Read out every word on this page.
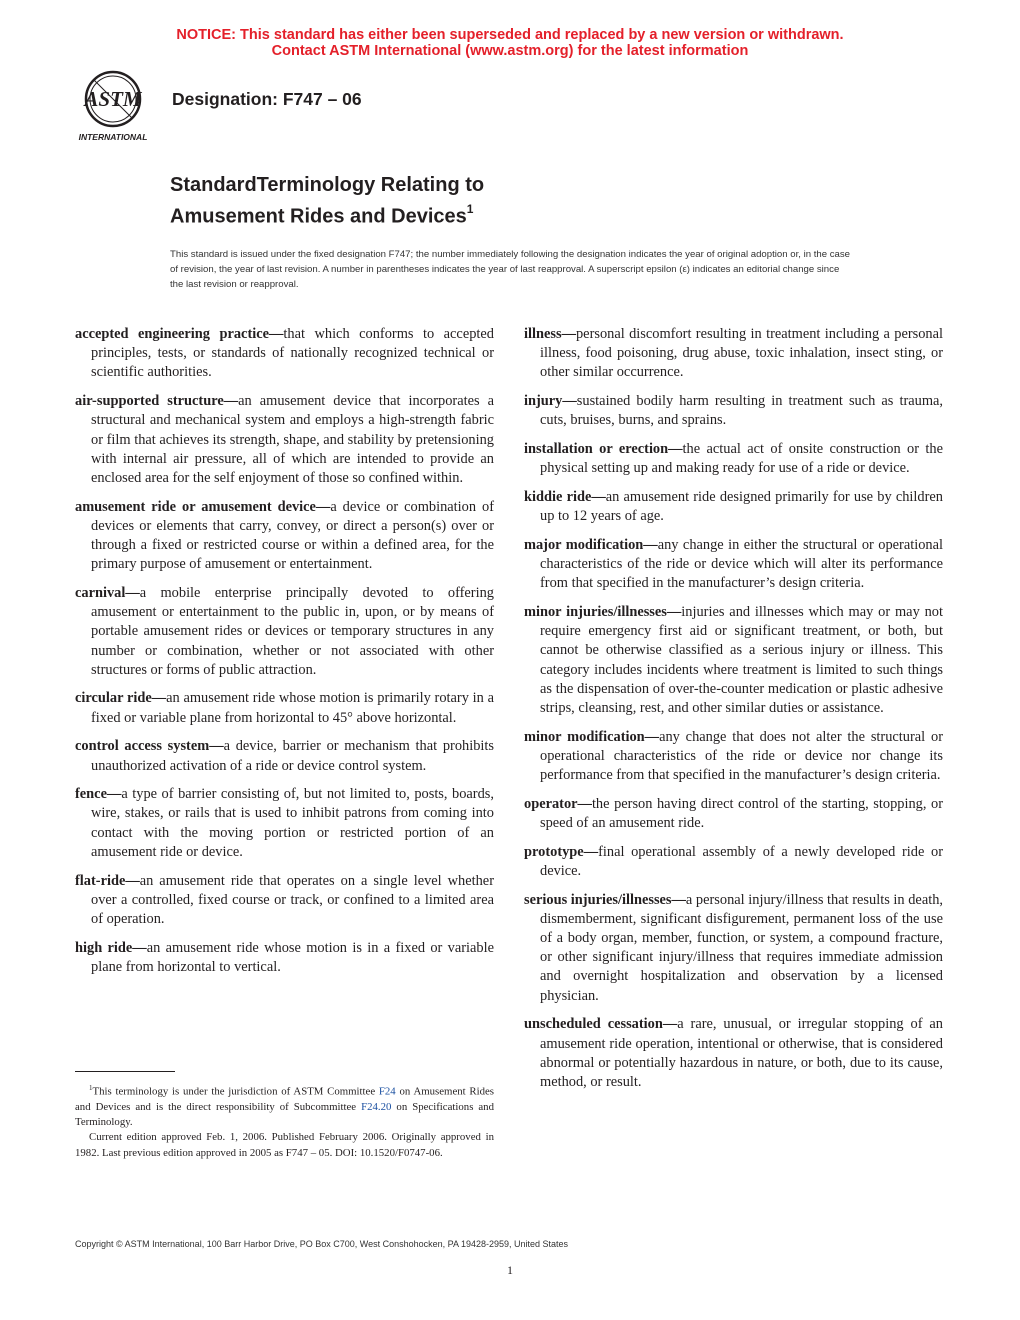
NOTICE: This standard has either been superseded and replaced by a new version or withdrawn.
Contact ASTM International (www.astm.org) for the latest information
ASTM
INTERNATIONAL
Designation: F747 – 06
StandardTerminology Relating to
Amusement Rides and Devices$^1$
This standard is issued under the fixed designation F747; the number immediately following the designation indicates the year of original adoption or, in the case of revision, the year of last revision. A number in parentheses indicates the year of last reapproval. A superscript epsilon (ε) indicates an editorial change since the last revision or reapproval.

accepted engineering practice—that which conforms to accepted principles, tests, or standards of nationally recognized technical or scientific authorities.

air-supported structure—an amusement device that incorporates a structural and mechanical system and employs a high-strength fabric or film that achieves its strength, shape, and stability by pretensioning with internal air pressure, all of which are intended to provide an enclosed area for the self enjoyment of those so confined within.

amusement ride or amusement device—a device or combination of devices or elements that carry, convey, or direct a person(s) over or through a fixed or restricted course or within a defined area, for the primary purpose of amusement or entertainment.

carnival—a mobile enterprise principally devoted to offering amusement or entertainment to the public in, upon, or by means of portable amusement rides or devices or temporary structures in any number or combination, whether or not associated with other structures or forms of public attraction.

circular ride—an amusement ride whose motion is primarily rotary in a fixed or variable plane from horizontal to 45° above horizontal.

control access system—a device, barrier or mechanism that prohibits unauthorized activation of a ride or device control system.

fence—a type of barrier consisting of, but not limited to, posts, boards, wire, stakes, or rails that is used to inhibit patrons from coming into contact with the moving portion or restricted portion of an amusement ride or device.

flat-ride—an amusement ride that operates on a single level whether over a controlled, fixed course or track, or confined to a limited area of operation.

high ride—an amusement ride whose motion is in a fixed or variable plane from horizontal to vertical.

illness—personal discomfort resulting in treatment including a personal illness, food poisoning, drug abuse, toxic inhalation, insect sting, or other similar occurrence.

injury—sustained bodily harm resulting in treatment such as trauma, cuts, bruises, burns, and sprains.

installation or erection—the actual act of onsite construction or the physical setting up and making ready for use of a ride or device.

kiddie ride—an amusement ride designed primarily for use by children up to 12 years of age.

major modification—any change in either the structural or operational characteristics of the ride or device which will alter its performance from that specified in the manufacturer’s design criteria.

minor injuries/illnesses—injuries and illnesses which may or may not require emergency first aid or significant treatment, or both, but cannot be otherwise classified as a serious injury or illness. This category includes incidents where treatment is limited to such things as the dispensation of over-the-counter medication or plastic adhesive strips, cleansing, rest, and other similar duties or assistance.

minor modification—any change that does not alter the structural or operational characteristics of the ride or device nor change its performance from that specified in the manufacturer’s design criteria.

operator—the person having direct control of the starting, stopping, or speed of an amusement ride.

prototype—final operational assembly of a newly developed ride or device.

serious injuries/illnesses—a personal injury/illness that results in death, dismemberment, significant disfigurement, permanent loss of the use of a body organ, member, function, or system, a compound fracture, or other significant injury/illness that requires immediate admission and overnight hospitalization and observation by a licensed physician.

unscheduled cessation—a rare, unusual, or irregular stopping of an amusement ride operation, intentional or otherwise, that is considered abnormal or potentially hazardous in nature, or both, due to its cause, method, or result.

$^1$This terminology is under the jurisdiction of ASTM Committee F24 on Amusement Rides and Devices and is the direct responsibility of Subcommittee F24.20 on Specifications and Terminology.

Current edition approved Feb. 1, 2006. Published February 2006. Originally approved in 1982. Last previous edition approved in 2005 as F747 – 05. DOI: 10.1520/F0747-06.

Copyright © ASTM International, 100 Barr Harbor Drive, PO Box C700, West Conshohocken, PA 19428-2959, United States
1
